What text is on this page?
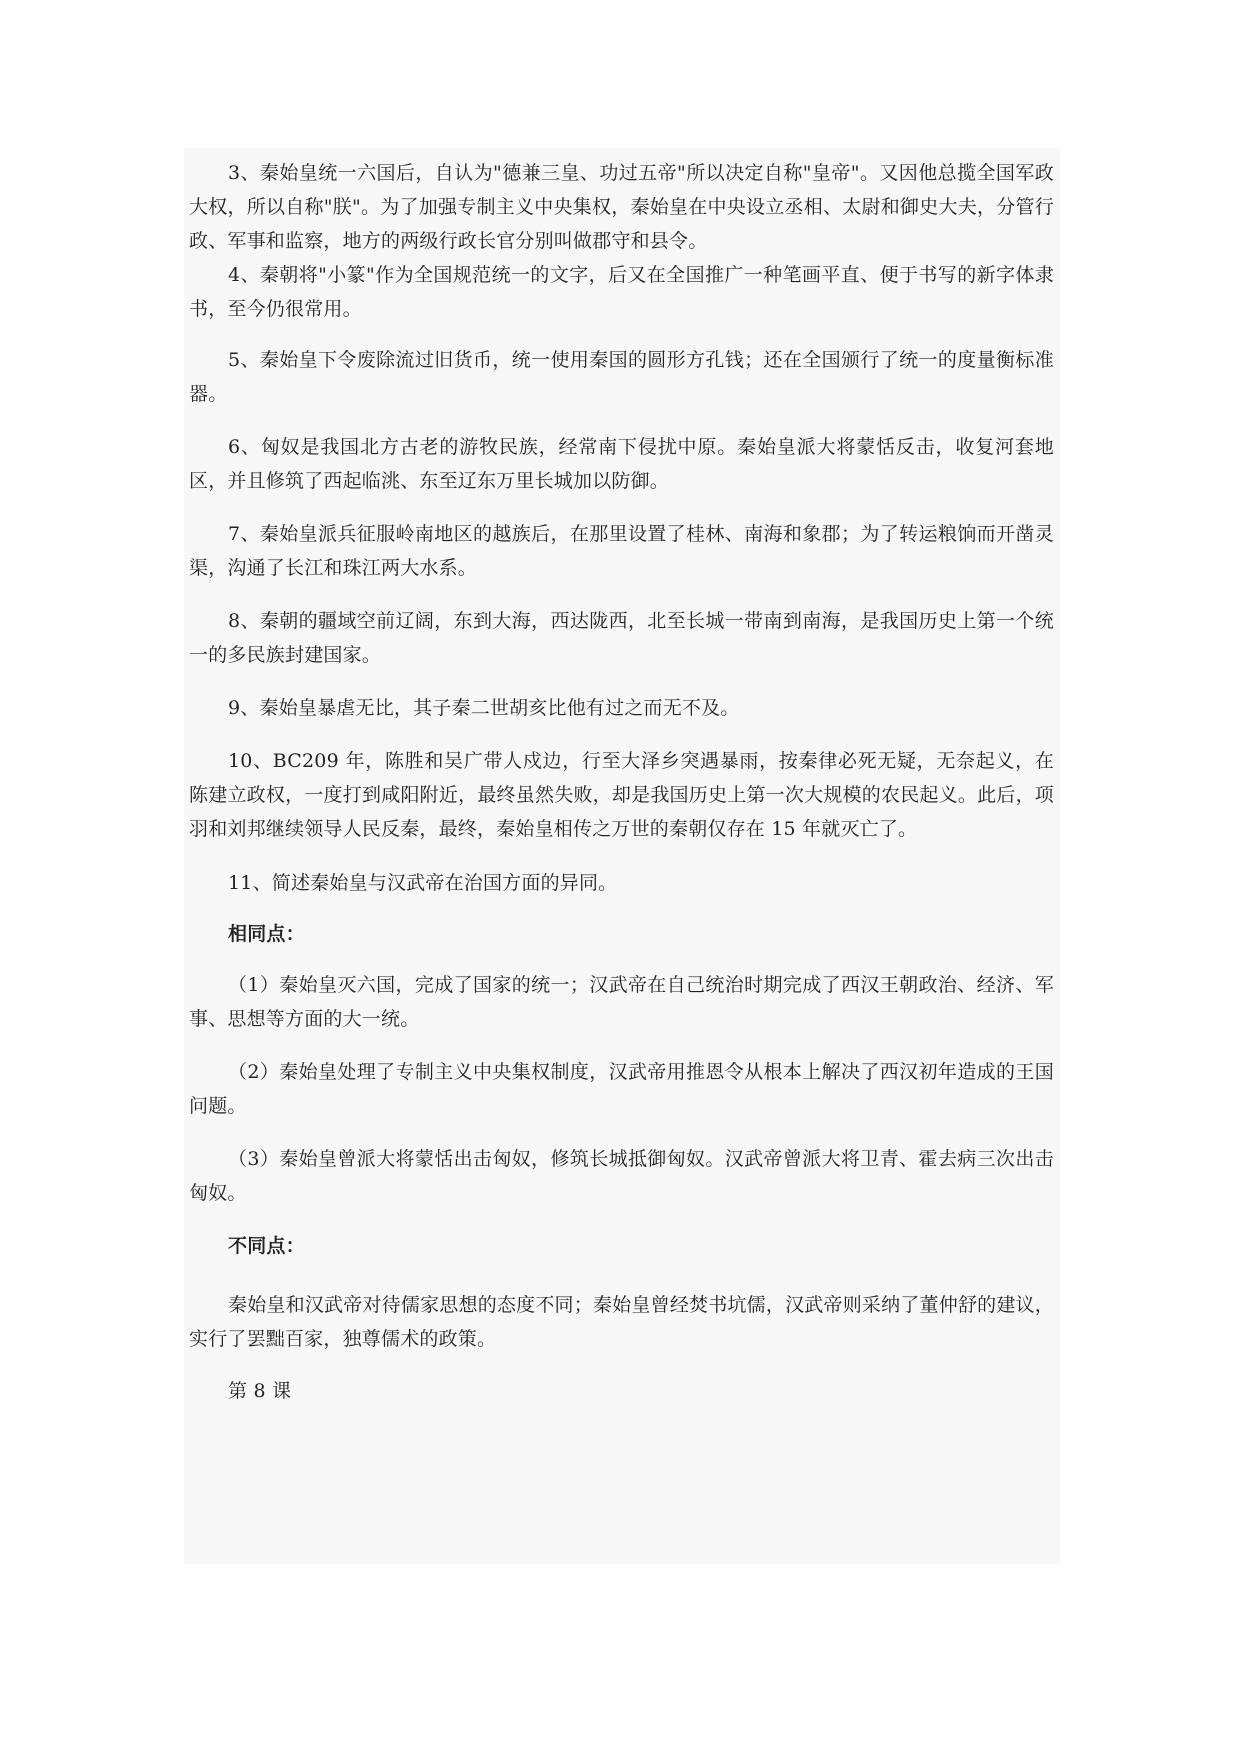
3、秦始皇统一六国后，自认为"德兼三皇、功过五帝"所以决定自称"皇帝"。又因他总揽全国军政大权，所以自称"朕"。为了加强专制主义中央集权，秦始皇在中央设立丞相、太尉和御史大夫，分管行政、军事和监察，地方的两级行政长官分别叫做郡守和县令。

4、秦朝将"小篆"作为全国规范统一的文字，后又在全国推广一种笔画平直、便于书写的新字体隶书，至今仍很常用。

5、秦始皇下令废除流过旧货币，统一使用秦国的圆形方孔钱；还在全国颁行了统一的度量衡标准器。

6、匈奴是我国北方古老的游牧民族，经常南下侵扰中原。秦始皇派大将蒙恬反击，收复河套地区，并且修筑了西起临洮、东至辽东万里长城加以防御。

7、秦始皇派兵征服岭南地区的越族后，在那里设置了桂林、南海和象郡；为了转运粮饷而开凿灵渠，沟通了长江和珠江两大水系。

8、秦朝的疆域空前辽阔，东到大海，西达陇西，北至长城一带南到南海，是我国历史上第一个统一的多民族封建国家。

9、秦始皇暴虐无比，其子秦二世胡亥比他有过之而无不及。

10、BC209 年，陈胜和吴广带人戍边，行至大泽乡突遇暴雨，按秦律必死无疑，无奈起义，在陈建立政权，一度打到咸阳附近，最终虽然失败，却是我国历史上第一次大规模的农民起义。此后，项羽和刘邦继续领导人民反秦，最终，秦始皇相传之万世的秦朝仅存在 15 年就灭亡了。

11、简述秦始皇与汉武帝在治国方面的异同。

相同点：

（1）秦始皇灭六国，完成了国家的统一；汉武帝在自己统治时期完成了西汉王朝政治、经济、军事、思想等方面的大一统。

（2）秦始皇处理了专制主义中央集权制度，汉武帝用推恩令从根本上解决了西汉初年造成的王国问题。

（3）秦始皇曾派大将蒙恬出击匈奴，修筑长城抵御匈奴。汉武帝曾派大将卫青、霍去病三次出击匈奴。

不同点：

秦始皇和汉武帝对待儒家思想的态度不同；秦始皇曾经焚书坑儒，汉武帝则采纳了董仲舒的建议，实行了罢黜百家，独尊儒术的政策。

第 8 课
